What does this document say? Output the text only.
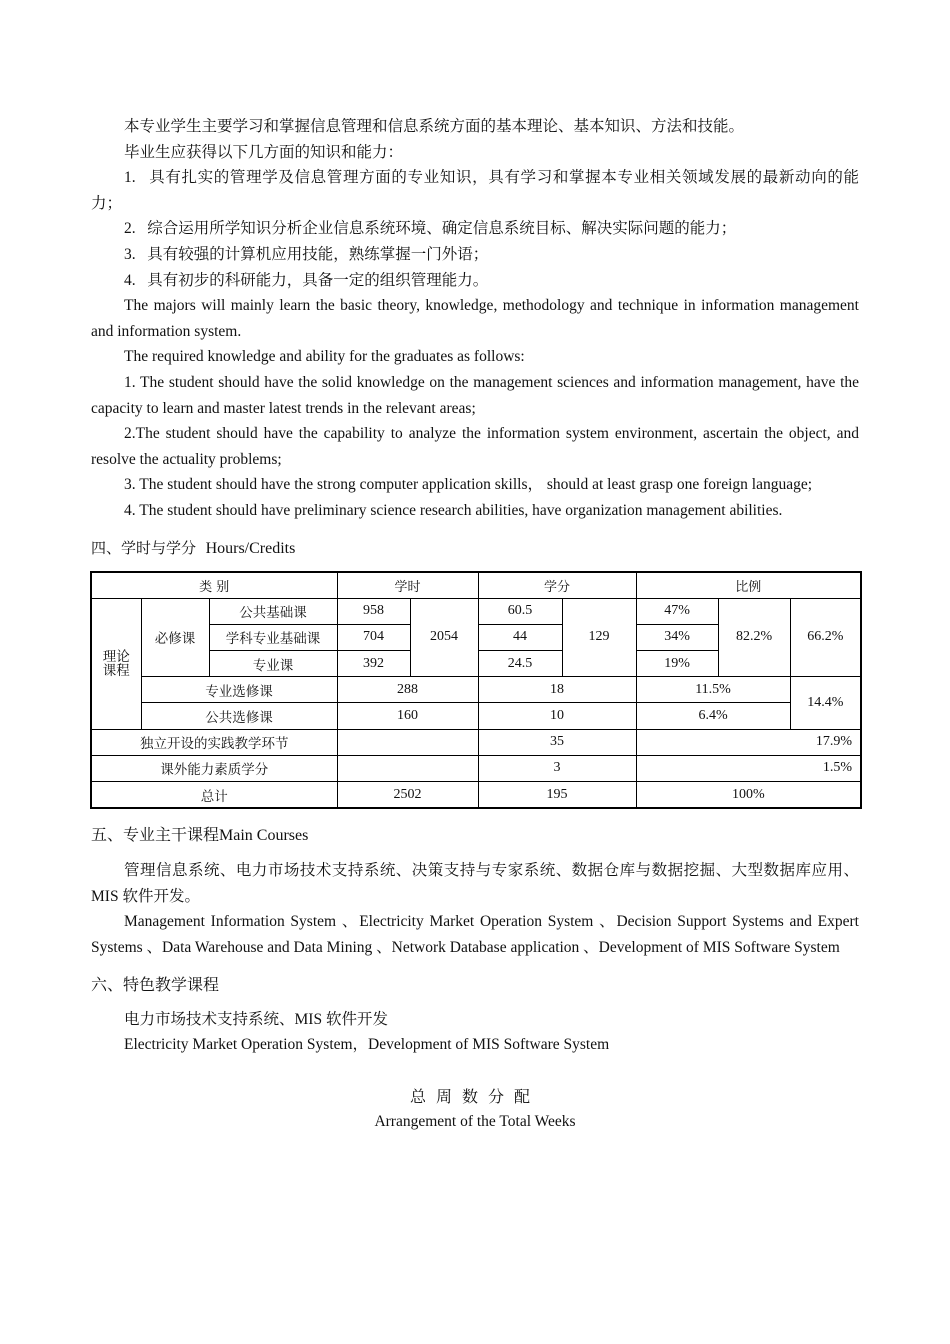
本专业学生主要学习和掌握信息管理和信息系统方面的基本理论、基本知识、方法和技能。

毕业生应获得以下几方面的知识和能力：

1.   具有扎实的管理学及信息管理方面的专业知识，具有学习和掌握本专业相关领域发展的最新动向的能力；

2.   综合运用所学知识分析企业信息系统环境、确定信息系统目标、解决实际问题的能力；

3.   具有较强的计算机应用技能，熟练掌握一门外语；

4.   具有初步的科研能力，具备一定的组织管理能力。

The majors will mainly learn the basic theory, knowledge, methodology and technique in information management and information system.

The required knowledge and ability for the graduates as follows:

1. The student should have the solid knowledge on the management sciences and information management, have the capacity to learn and master latest trends in the relevant areas;

2.The student should have the capability to analyze the information system environment, ascertain the object, and resolve the actuality problems;

3. The student should have the strong computer application skills， should at least grasp one foreign language;

4. The student should have preliminary science research abilities, have organization management abilities.

四、学时与学分 Hours/Credits
类 别			学时		学分		比例		
理论课程	必修课	公共基础课	958	2054	60.5	129	47%	82.2%	66.2%
		学科专业基础课	704		44		34%		
		专业课	392		24.5		19%		
	专业选修课		288		18		11.5%		14.4%
	公共选修课		160		10		6.4%		
独立开设的实践教学环节					35		17.9%		
课外能力素质学分					3		1.5%		
总计			2502		195		100%		
五、专业主干课程Main Courses

管理信息系统、电力市场技术支持系统、决策支持与专家系统、数据仓库与数据挖掘、大型数据库应用、MIS 软件开发。

Management Information System 、Electricity Market Operation System 、Decision Support Systems and Expert Systems 、Data Warehouse and Data Mining 、Network Database application 、Development of MIS Software System

六、特色教学课程

电力市场技术支持系统、MIS 软件开发

Electricity Market Operation System，Development of MIS Software System

总周数分配

Arrangement of the Total Weeks
